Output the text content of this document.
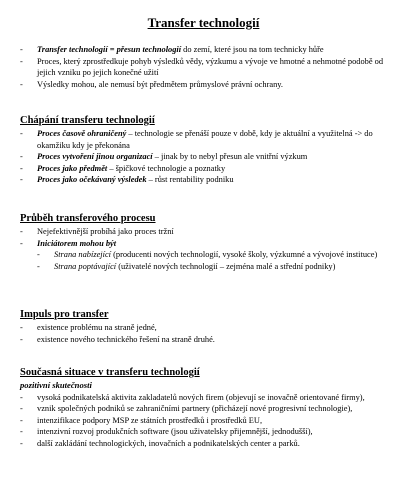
Transfer technologií
- Transfer technologií = přesun technologií do zemí, které jsou na tom technicky hůře
- Proces, který zprostředkuje pohyb výsledků vědy, výzkumu a vývoje ve hmotné a nehmotné podobě od jejich vzniku po jejich konečné užití
- Výsledky mohou, ale nemusí být předmětem průmyslové právní ochrany.
Chápání transferu technologií
- Proces časově ohraničený – technologie se přenáší pouze v době, kdy je aktuální a využitelná -> do okamžiku kdy je překonána
- Proces vytvoření jinou organizací – jinak by to nebyl přesun ale vnitřní výzkum
- Proces jako předmět – špičkové technologie a poznatky
- Proces jako očekávaný výsledek – růst rentability podniku
Průběh transferového procesu
- Nejefektivnější probíhá jako proces tržní
- Iniciátorem mohou být
- Strana nabízející (producenti nových technologií, vysoké školy, výzkumné a vývojové instituce)
- Strana poptávající (uživatelé nových technologií – zejména malé a střední podniky)
Impuls pro transfer
- existence problému na straně jedné,
- existence nového technického řešení na straně druhé.
Současná situace v transferu technologií
pozitivní skutečnosti
- vysoká podnikatelská aktivita zakladatelů nových firem (objevují se inovačně orientované firmy),
- vznik společných podniků se zahraničními partnery (přicházejí nové progresivní technologie),
- intenzifikace podpory MSP ze státních prostředků i prostředků EU,
- intenzivní rozvoj produkčních software (jsou uživatelsky přijemnější, jednodušší),
- další zakládání technologických, inovačních a podnikatelských center a parků.
